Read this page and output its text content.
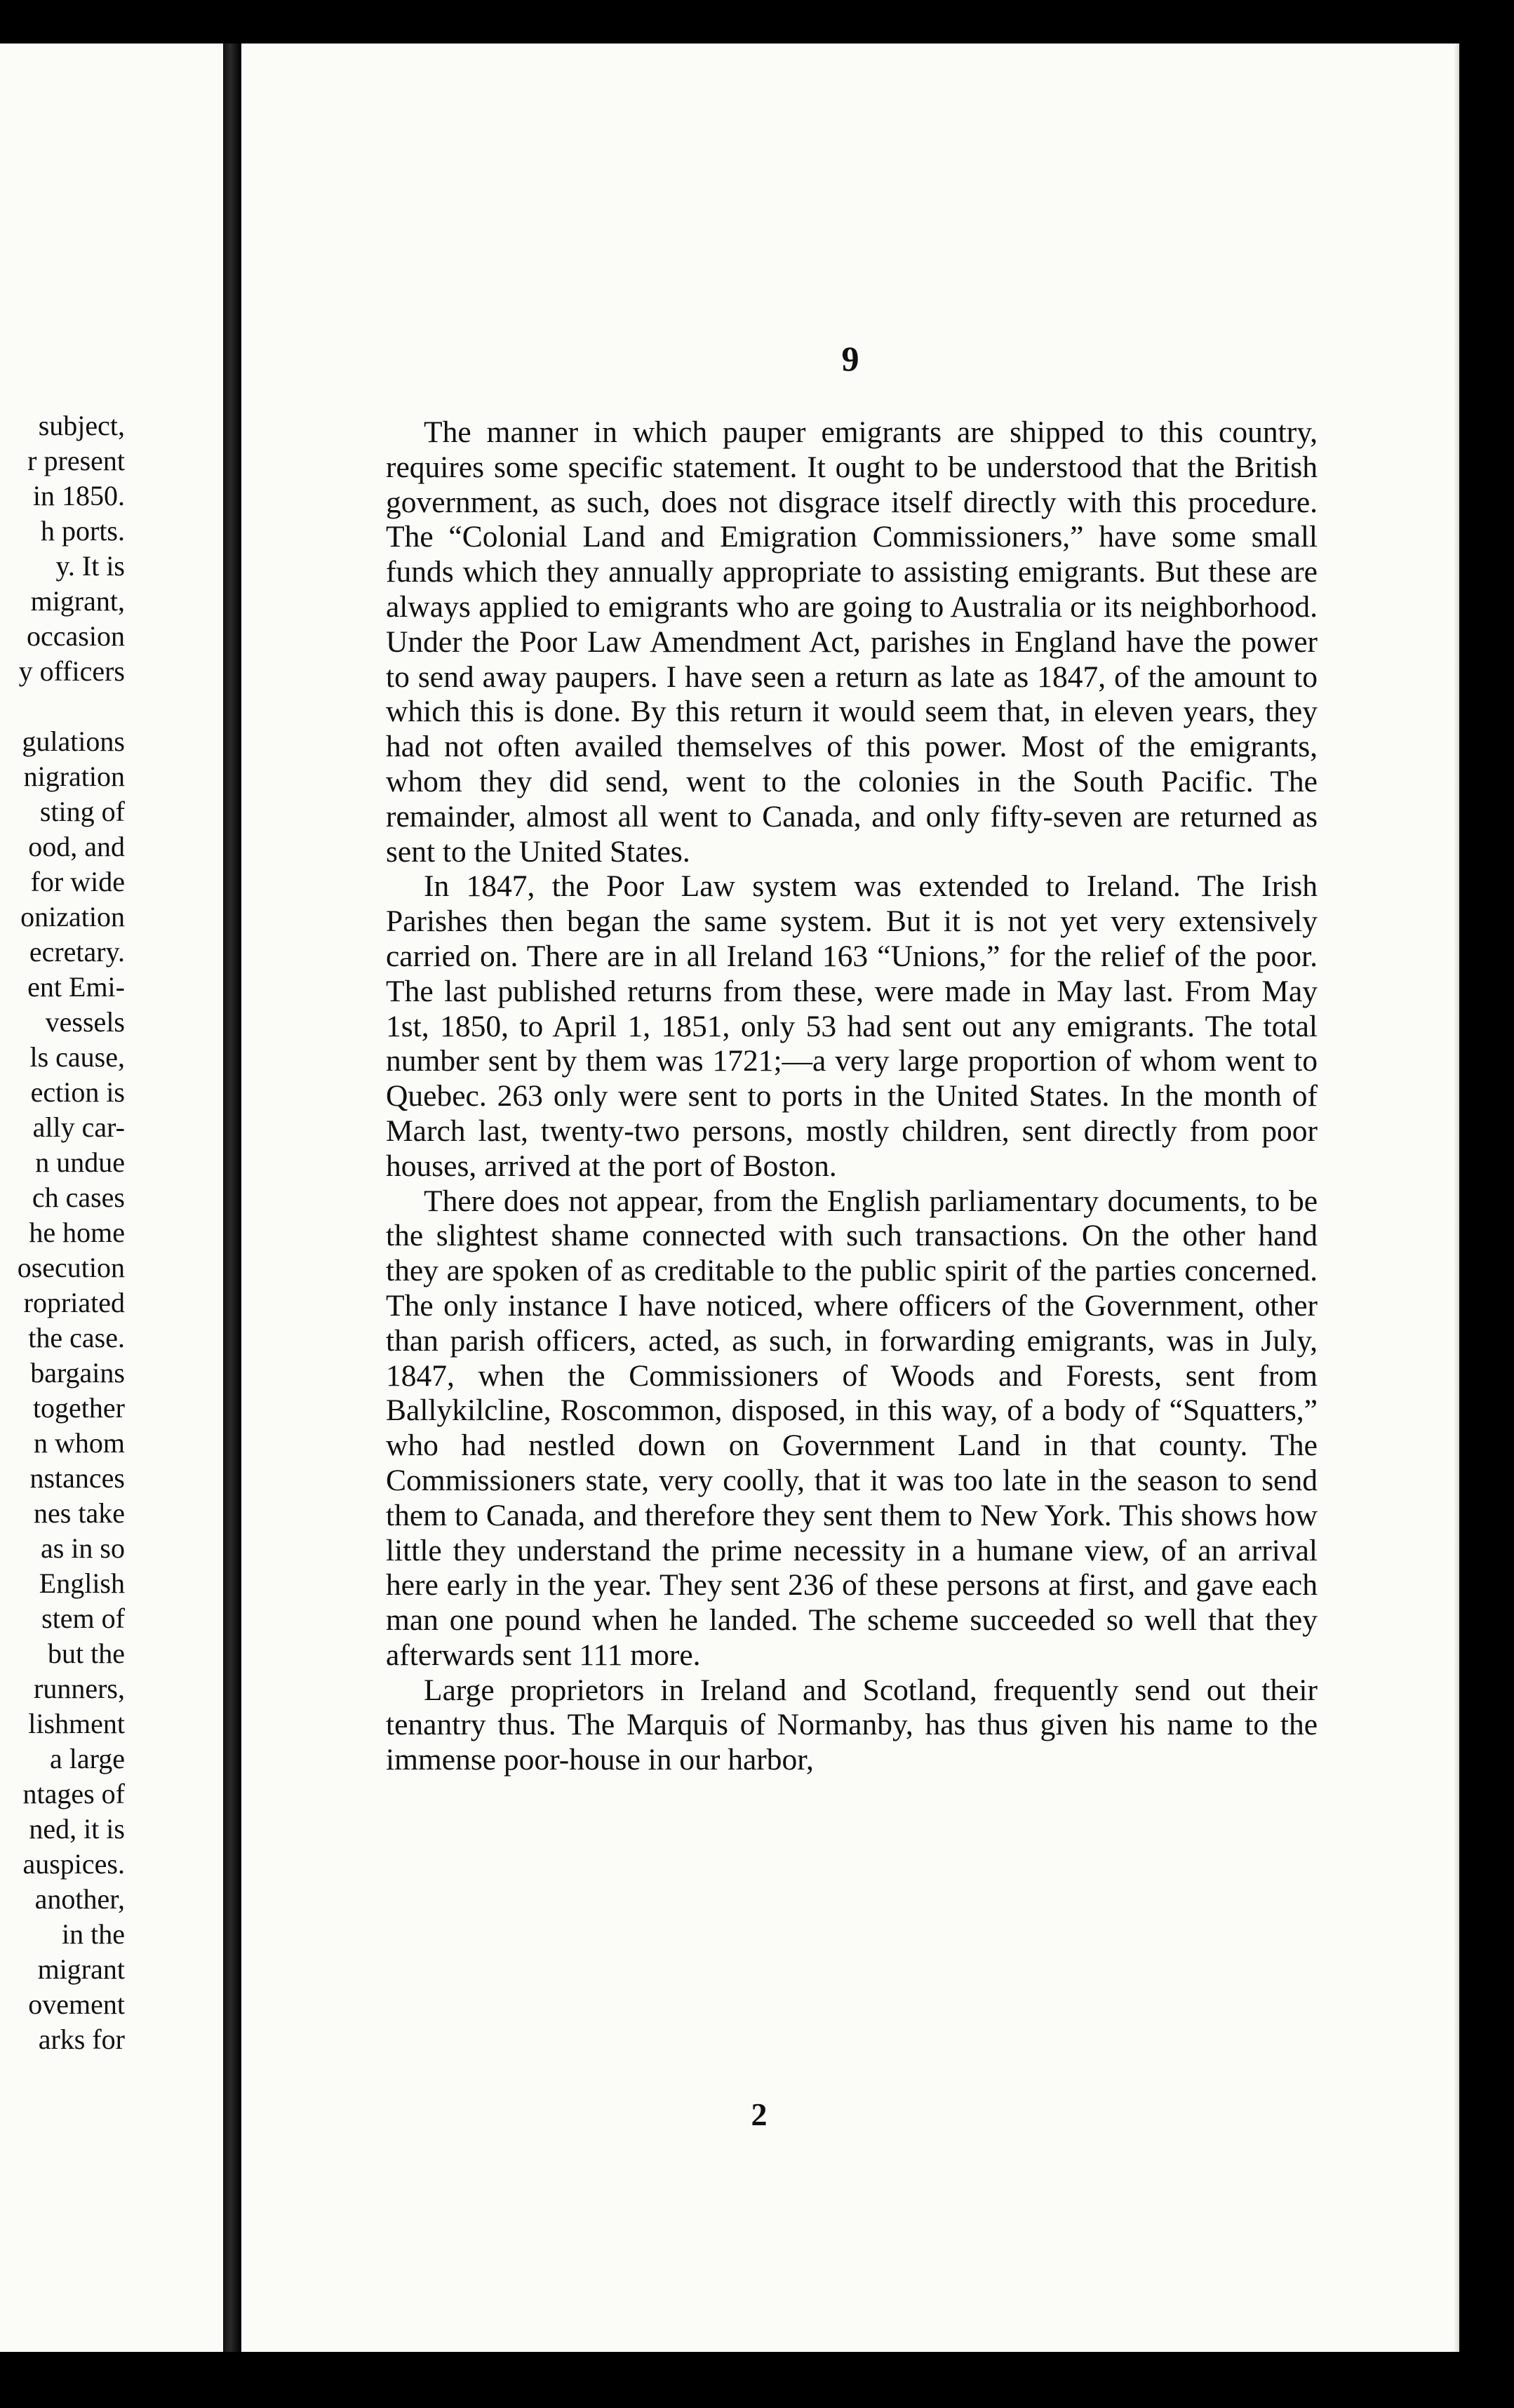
subject,
r present
in 1850.
h ports.
y. It is
migrant,
occasion
y officers
gulations
nigration
sting of
ood, and
for wide
onization
ecretary.
ent Emi-
vessels
ls cause,
ection is
ally car-
n undue
ch cases
he home
osecution
ropriated
the case.
bargains
together
n whom
nstances
nes take
as in so
English
stem of
but the
runners,
lishment
a large
ntages of
ned, it is
auspices.
another,
in the
migrant
ovement
arks for
9

The manner in which pauper emigrants are shipped to this country, requires some specific statement. It ought to be understood that the British government, as such, does not disgrace itself directly with this procedure. The “Colonial Land and Emigration Commissioners,” have some small funds which they annually appropriate to assisting emigrants. But these are always applied to emigrants who are going to Australia or its neighborhood. Under the Poor Law Amendment Act, parishes in England have the power to send away paupers. I have seen a return as late as 1847, of the amount to which this is done. By this return it would seem that, in eleven years, they had not often availed themselves of this power. Most of the emigrants, whom they did send, went to the colonies in the South Pacific. The remainder, almost all went to Canada, and only fifty-seven are returned as sent to the United States.

In 1847, the Poor Law system was extended to Ireland. The Irish Parishes then began the same system. But it is not yet very extensively carried on. There are in all Ireland 163 “Unions,” for the relief of the poor. The last published returns from these, were made in May last. From May 1st, 1850, to April 1, 1851, only 53 had sent out any emigrants. The total number sent by them was 1721;—a very large proportion of whom went to Quebec. 263 only were sent to ports in the United States. In the month of March last, twenty-two persons, mostly children, sent directly from poor houses, arrived at the port of Boston.

There does not appear, from the English parliamentary documents, to be the slightest shame connected with such transactions. On the other hand they are spoken of as creditable to the public spirit of the parties concerned. The only instance I have noticed, where officers of the Government, other than parish officers, acted, as such, in forwarding emigrants, was in July, 1847, when the Commissioners of Woods and Forests, sent from Ballykilcline, Roscommon, disposed, in this way, of a body of “Squatters,” who had nestled down on Government Land in that county. The Commissioners state, very coolly, that it was too late in the season to send them to Canada, and therefore they sent them to New York. This shows how little they understand the prime necessity in a humane view, of an arrival here early in the year. They sent 236 of these persons at first, and gave each man one pound when he landed. The scheme succeeded so well that they afterwards sent 111 more.

Large proprietors in Ireland and Scotland, frequently send out their tenantry thus. The Marquis of Normanby, has thus given his name to the immense poor-house in our harbor,

2
